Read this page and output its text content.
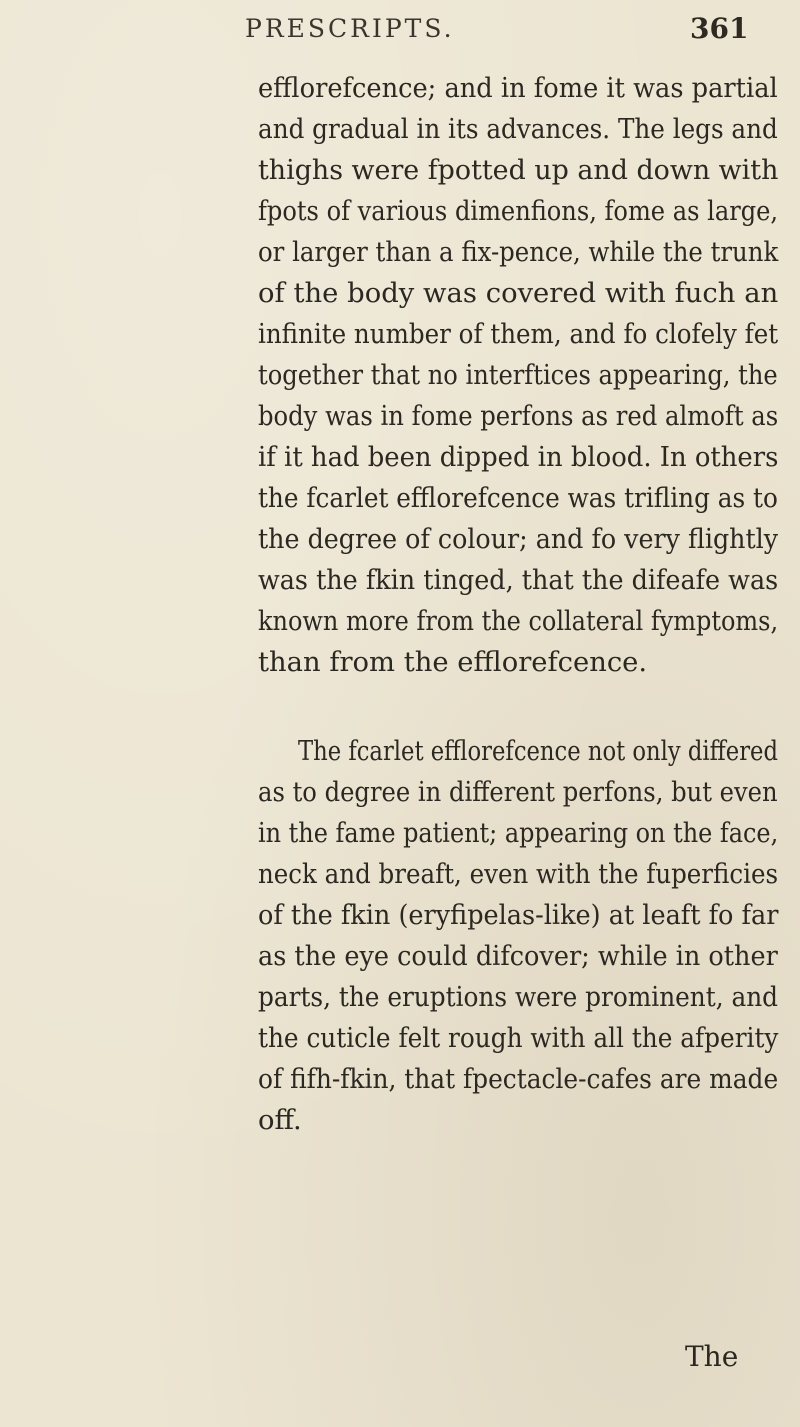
PRESCRIPTS.	361
efflorefcence; and in fome it was partial
and gradual in its advances. The legs and
thighs were fpotted up and down with
fpots of various dimenfions, fome as large,
or larger than a fix-pence, while the trunk
of the body was covered with fuch an
infinite number of them, and fo clofely fet
together that no interftices appearing, the
body was in fome perfons as red almoft as
if it had been dipped in blood. In others
the fcarlet efflorefcence was trifling as to
the degree of colour; and fo very flightly
was the fkin tinged, that the difeafe was
known more from the collateral fymptoms,
than from the efflorefcence.
The fcarlet efflorefcence not only differed
as to degree in different perfons, but even
in the fame patient; appearing on the face,
neck and breaft, even with the fuperficies
of the fkin (eryfipelas-like) at leaft fo far
as the eye could difcover; while in other
parts, the eruptions were prominent, and
the cuticle felt rough with all the afperity
of fifh-fkin, that fpectacle-cafes are made
off.
The
